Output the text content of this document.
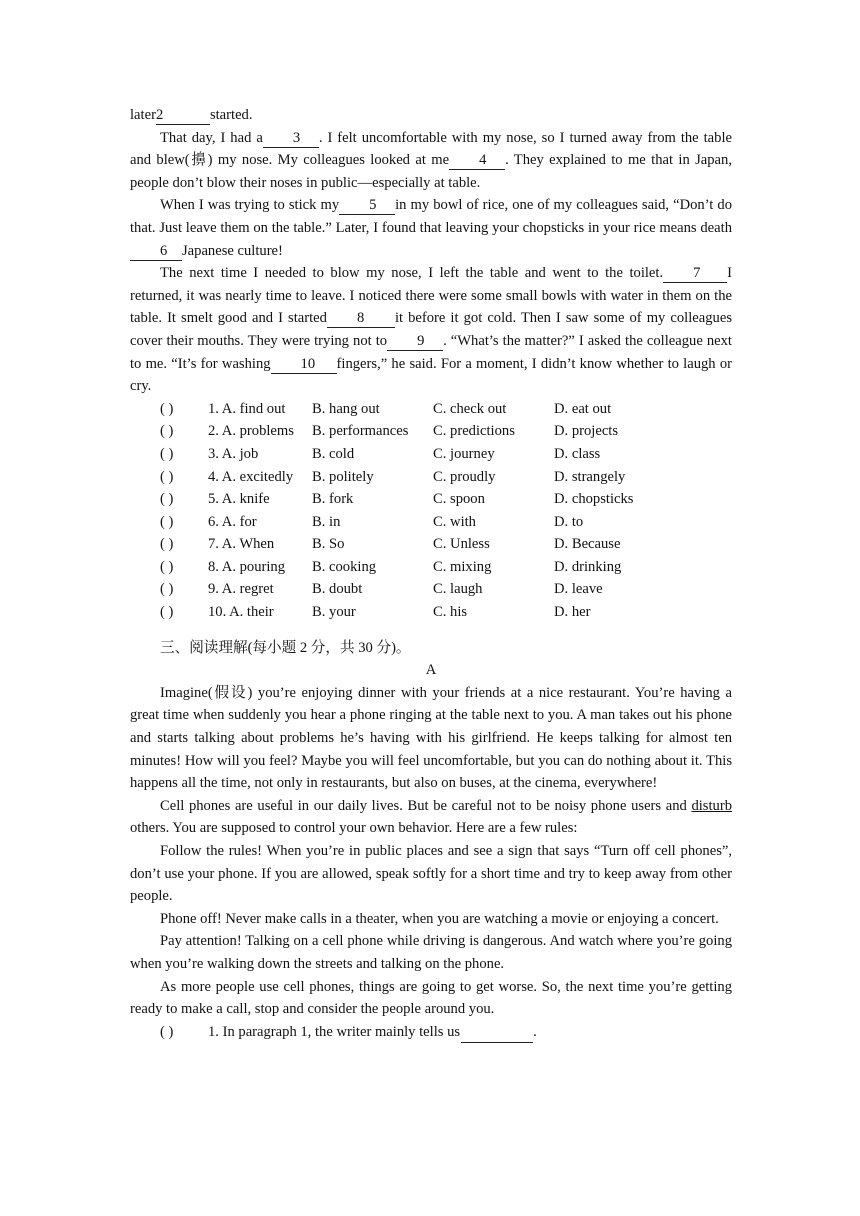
later2	started.

That day, I had a 3 . I felt uncomfortable with my nose, so I turned away from the table and blew(擤) my nose. My colleagues looked at me 4 . They explained to me that in Japan, people don’t blow their noses in public—especially at table.

When I was trying to stick my 5 in my bowl of rice, one of my colleagues said, “Don’t do that. Just leave them on the table.” Later, I found that leaving your chopsticks in your rice means death6 Japanese culture!

The next time I needed to blow my nose, I left the table and went to the toilet. 7 I returned, it was nearly time to leave. I noticed there were some small bowls with water in them on the table. It smelt good and I started 8 it before it got cold. Then I saw some of my colleagues cover their mouths. They were trying not to 9 . “What’s the matter?” I asked the colleague next to me. “It’s for washing 10 fingers,” he said. For a moment, I didn’t know whether to laugh or cry.

( )	1. A. find out	B. hang out	C. check out	D. eat out
( )	2. A. problems	B. performances	C. predictions	D. projects
( )	3. A. job	B. cold	C. journey	D. class
( )	4. A. excitedly	B. politely	C. proudly	D. strangely
( )	5. A. knife	B. fork	C. spoon	D. chopsticks
( )	6. A. for	B. in	C. with	D. to
( )	7. A. When	B. So	C. Unless	D. Because
( )	8. A. pouring	B. cooking	C. mixing	D. drinking
( )	9. A. regret	B. doubt	C. laugh	D. leave
( )	10. A. their	B. your	C. his	D. her
三、阅读理解(每小题 2 分，共 30 分)。

A

Imagine(假设) you’re enjoying dinner with your friends at a nice restaurant. You’re having a great time when suddenly you hear a phone ringing at the table next to you. A man takes out his phone and starts talking about problems he’s having with his girlfriend. He keeps talking for almost ten minutes! How will you feel? Maybe you will feel uncomfortable, but you can do nothing about it. This happens all the time, not only in restaurants, but also on buses, at the cinema, everywhere!

Cell phones are useful in our daily lives. But be careful not to be noisy phone users and disturb others. You are supposed to control your own behavior. Here are a few rules:

Follow the rules! When you’re in public places and see a sign that says “Turn off cell phones”, don’t use your phone. If you are allowed, speak softly for a short time and try to keep away from other people.

Phone off! Never make calls in a theater, when you are watching a movie or enjoying a concert.

Pay attention! Talking on a cell phone while driving is dangerous. And watch where you’re going when you’re walking down the streets and talking on the phone.

As more people use cell phones, things are going to get worse. So, the next time you’re getting ready to make a call, stop and consider the people around you.

( )	1. In paragraph 1, the writer mainly tells us	.
